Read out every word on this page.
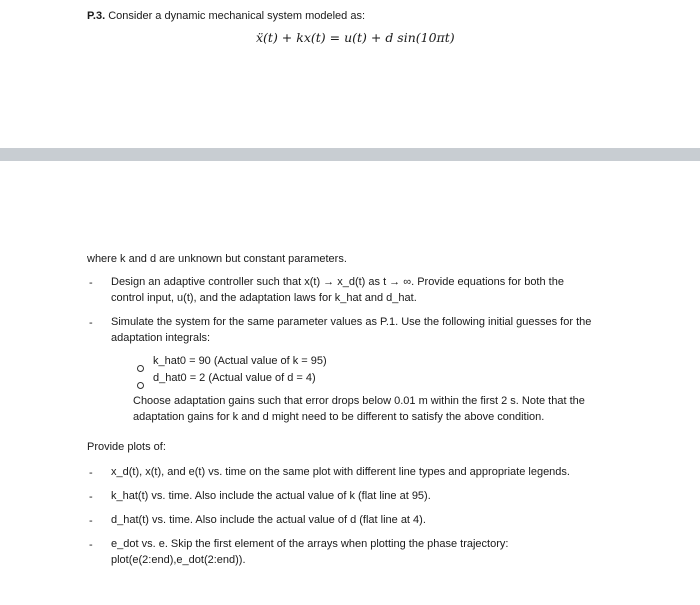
P.3. Consider a dynamic mechanical system modeled as:
ẍ(t) + kx(t) = u(t) + d sin(10πt)
where k and d are unknown but constant parameters.
- Design an adaptive controller such that x(t) → x_d(t) as t → ∞. Provide equations for both the
control input, u(t), and the adaptation laws for k_hat and d_hat.
- Simulate the system for the same parameter values as P.1. Use the following initial guesses for the
adaptation integrals:
k_hat0 = 90 (Actual value of k = 95)
d_hat0 = 2 (Actual value of d = 4)
Choose adaptation gains such that error drops below 0.01 m within the first 2 s. Note that the
adaptation gains for k and d might need to be different to satisfy the above condition.
Provide plots of:
- x_d(t), x(t), and e(t) vs. time on the same plot with different line types and appropriate legends.
- k_hat(t) vs. time. Also include the actual value of k (flat line at 95).
- d_hat(t) vs. time. Also include the actual value of d (flat line at 4).
- e_dot vs. e. Skip the first element of the arrays when plotting the phase trajectory:
plot(e(2:end),e_dot(2:end)).
